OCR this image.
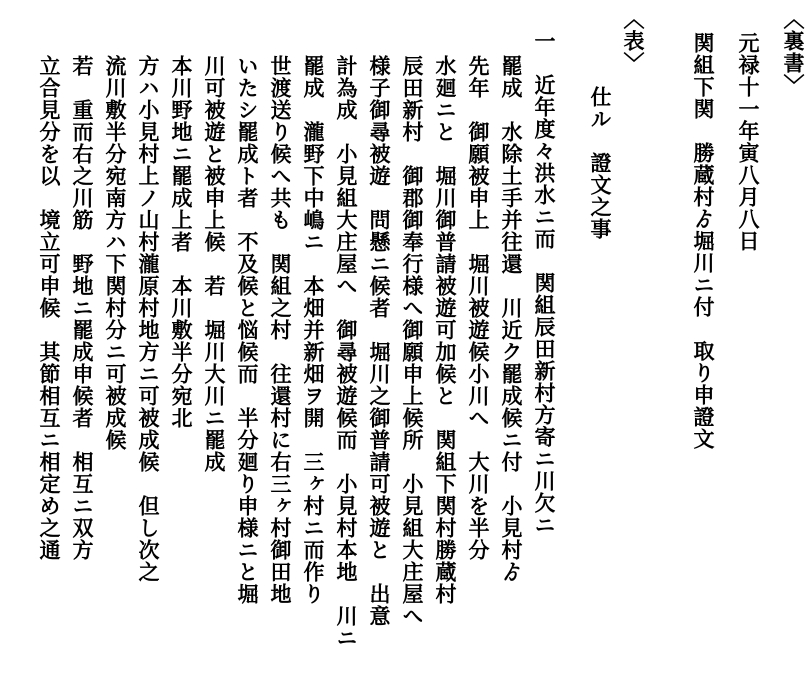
〈裏書〉
元禄十一年寅八月八日
関組下関　勝蔵村ゟ堀川ニ付　取り申證文
〈表〉
仕ル　證文之事
一　近年度々洪水ニ而　関組辰田新村方寄ニ川欠ニ
罷成　水除土手并往還　川近ク罷成候ニ付　小見村ゟ
先年　御願被申上　堀川被遊候小川へ　大川を半分
水廻ニと　堀川御普請被遊可加候と　関組下関村勝蔵村
辰田新村　御郡御奉行様へ御願申上候所　小見組大庄屋へ
様子御尋被遊　問懸ニ候者　堀川之御普請可被遊と　出意
計為成　小見組大庄屋へ　御尋被遊候而　小見村本地　川ニ
罷成　瀧野下中嶋ニ　本畑并新畑ヲ開　三ヶ村ニ而作り
世渡送り候へ共も　関組之村　往還村に右三ヶ村御田地
いたシ罷成ト者　不及候と悩候而　半分廻り申様ニと堀
川可被遊と被申上候　若　堀川大川ニ罷成
本川野地ニ罷成上者　本川敷半分宛北
方ハ小見村上ノ山村瀧原村地方ニ可被成候　但し次之
流川敷半分宛南方ハ下関村分ニ可被成候
若　重而右之川筋　野地ニ罷成申候者　相互ニ双方
立合見分を以　境立可申候　其節相互ニ相定め之通
